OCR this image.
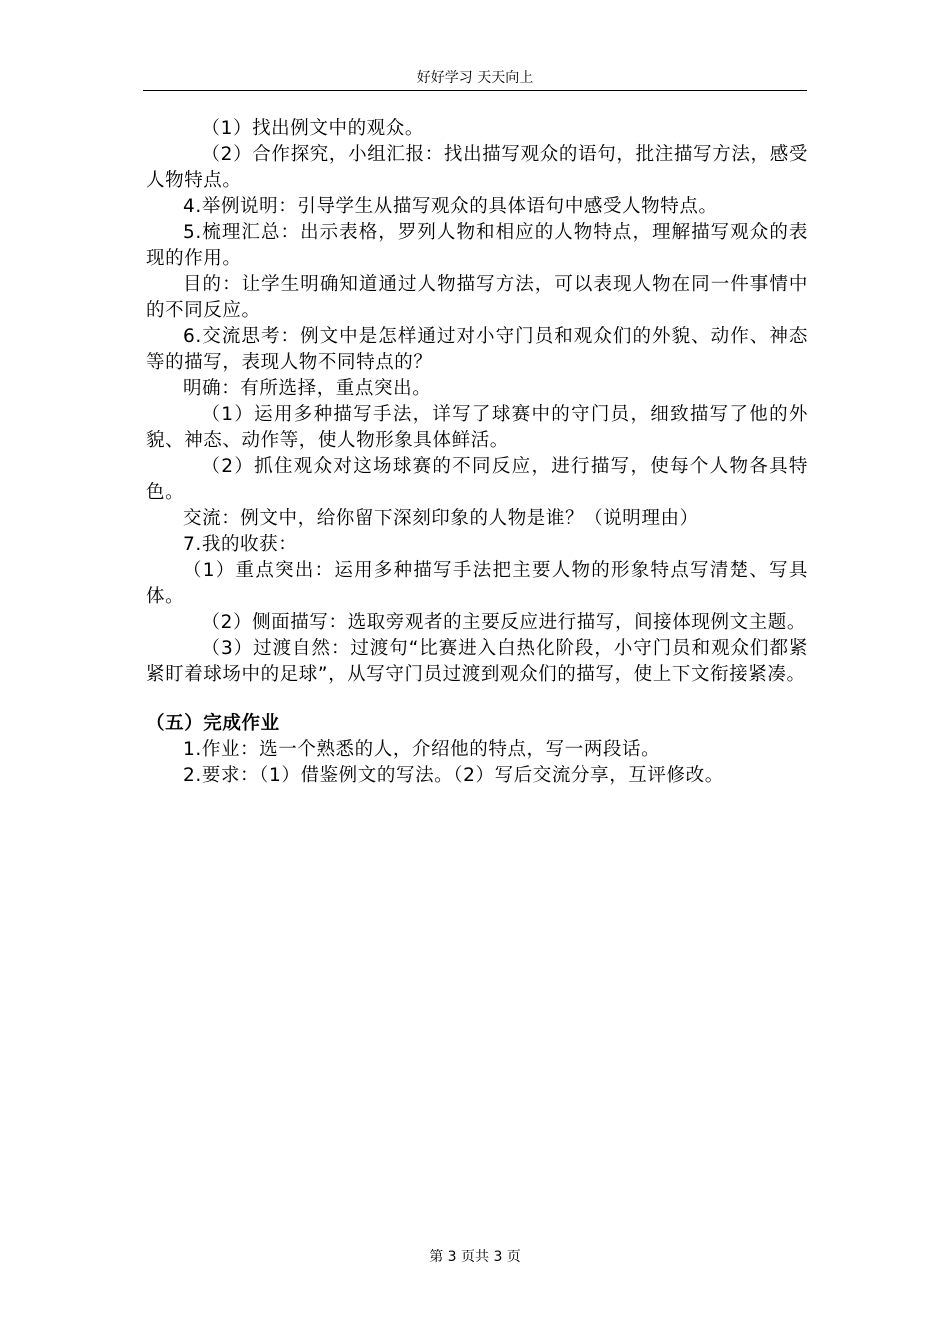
好好学习 天天向上

（1）找出例文中的观众。

（2）合作探究，小组汇报：找出描写观众的语句，批注描写方法，感受人物特点。

4.举例说明：引导学生从描写观众的具体语句中感受人物特点。

5.梳理汇总：出示表格，罗列人物和相应的人物特点，理解描写观众的表现的作用。

目的：让学生明确知道通过人物描写方法，可以表现人物在同一件事情中的不同反应。

6.交流思考：例文中是怎样通过对小守门员和观众们的外貌、动作、神态等的描写，表现人物不同特点的？

明确：有所选择，重点突出。

（1）运用多种描写手法，详写了球赛中的守门员，细致描写了他的外貌、神态、动作等，使人物形象具体鲜活。

（2）抓住观众对这场球赛的不同反应，进行描写，使每个人物各具特色。

交流：例文中，给你留下深刻印象的人物是谁？（说明理由）

7.我的收获：

（1）重点突出：运用多种描写手法把主要人物的形象特点写清楚、写具体。

（2）侧面描写：选取旁观者的主要反应进行描写，间接体现例文主题。

（3）过渡自然：过渡句“比赛进入白热化阶段，小守门员和观众们都紧紧盯着球场中的足球”，从写守门员过渡到观众们的描写，使上下文衔接紧凑。

（五）完成作业

1.作业：选一个熟悉的人，介绍他的特点，写一两段话。

2.要求：（1）借鉴例文的写法。（2）写后交流分享，互评修改。

第 3 页共 3 页
